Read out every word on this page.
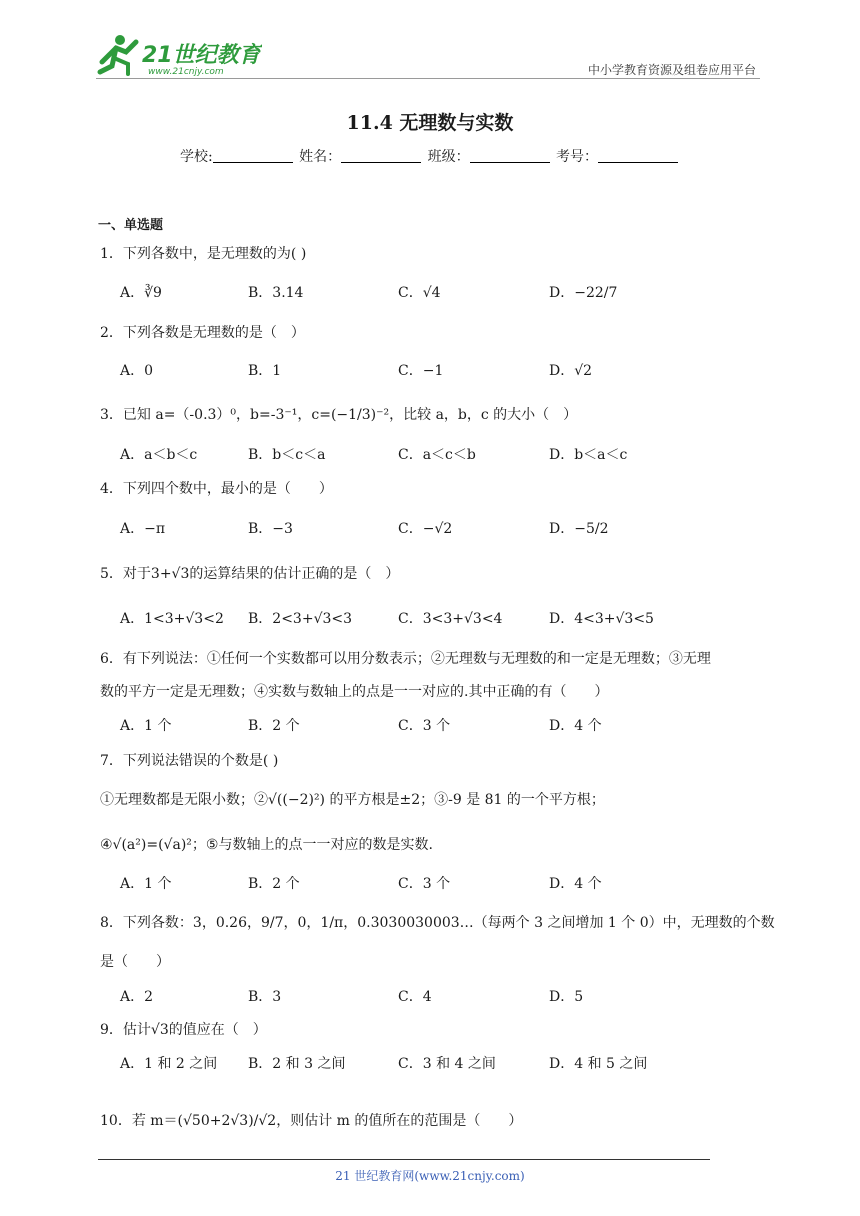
21世纪教育
www.21cnjy.com	中小学教育资源及组卷应用平台
11.4 无理数与实数
学校:	姓名：	班级：	考号：
一、单选题
1．下列各数中，是无理数的为( )
A．∛9	B．3.14	C．√4	D．−22/7
2．下列各数是无理数的是（　）
A．0	B．1	C．−1	D．√2
3．已知 a=（-0.3）⁰，b=-3⁻¹，c=(−1/3)⁻²，比较 a，b，c 的大小（　）
A．a＜b＜c	B．b＜c＜a	C．a＜c＜b	D．b＜a＜c
4．下列四个数中，最小的是（　　）
A．−π	B．−3	C．−√2	D．−5/2
5．对于3+√3的运算结果的估计正确的是（　）
A．1<3+√3<2 B．2<3+√3<3	C．3<3+√3<4	D．4<3+√3<5
6．有下列说法：①任何一个实数都可以用分数表示；②无理数与无理数的和一定是无理数；③无理
数的平方一定是无理数；④实数与数轴上的点是一一对应的.其中正确的有（　　）
A．1 个	B．2 个	C．3 个	D．4 个
7．下列说法错误的个数是( )
①无理数都是无限小数；②√((−2)²) 的平方根是±2；③-9 是 81 的一个平方根；
④√(a²)=(√a)²；⑤与数轴上的点一一对应的数是实数.
A．1 个	B．2 个	C．3 个	D．4 个
8．下列各数：3，0.26，9/7，0，1/π，0.3030030003…（每两个 3 之间增加 1 个 0）中，无理数的个数
是（　　）
A．2	B．3	C．4	D．5
9．估计√3的值应在（　）
A．1 和 2 之间 B．2 和 3 之间	C．3 和 4 之间	D．4 和 5 之间
10．若 m＝(√50+2√3)/√2，则估计 m 的值所在的范围是（　　）
21 世纪教育网(www.21cnjy.com)
